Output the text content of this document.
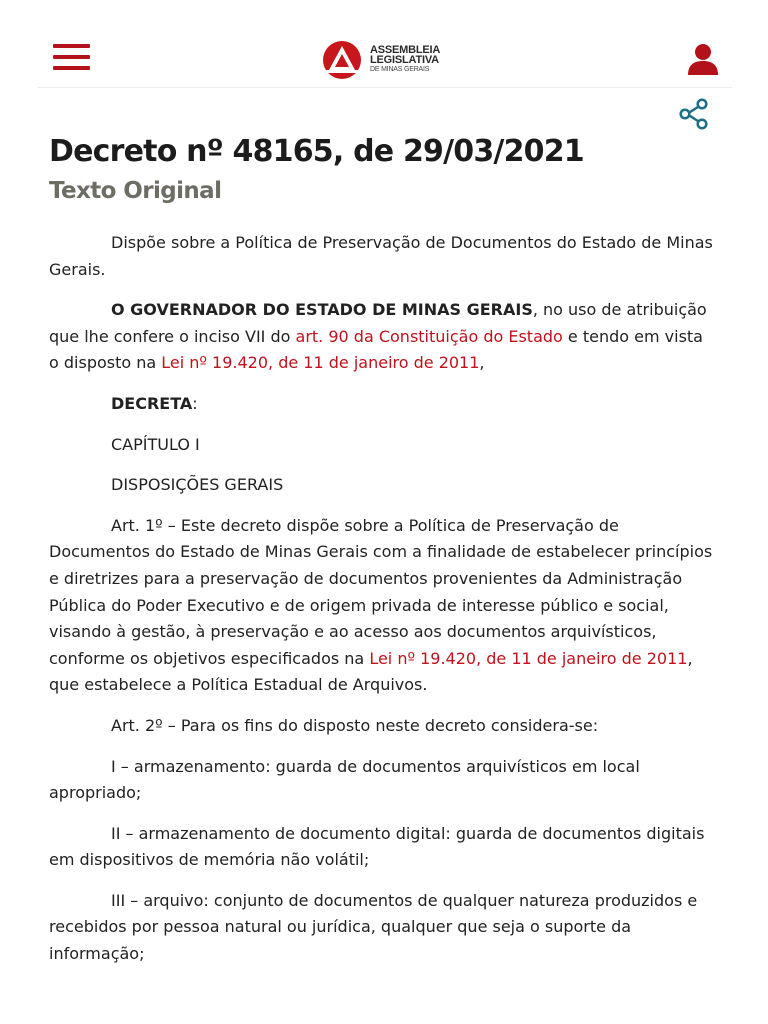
ASSEMBLEIA
LEGISLATIVA
DE MINAS GERAIS
Decreto nº 48165, de 29/03/2021
Texto Original

Dispõe sobre a Política de Preservação de Documentos do Estado de Minas Gerais.

O GOVERNADOR DO ESTADO DE MINAS GERAIS, no uso de atribuição que lhe confere o inciso VII do art. 90 da Constituição do Estado e tendo em vista o disposto na Lei nº 19.420, de 11 de janeiro de 2011,

DECRETA:

CAPÍTULO I

DISPOSIÇÕES GERAIS

Art. 1º – Este decreto dispõe sobre a Política de Preservação de Documentos do Estado de Minas Gerais com a finalidade de estabelecer princípios e diretrizes para a preservação de documentos provenientes da Administração Pública do Poder Executivo e de origem privada de interesse público e social, visando à gestão, à preservação e ao acesso aos documentos arquivísticos, conforme os objetivos especificados na Lei nº 19.420, de 11 de janeiro de 2011, que estabelece a Política Estadual de Arquivos.

Art. 2º – Para os fins do disposto neste decreto considera-se:

I – armazenamento: guarda de documentos arquivísticos em local apropriado;

II – armazenamento de documento digital: guarda de documentos digitais em dispositivos de memória não volátil;

III – arquivo: conjunto de documentos de qualquer natureza produzidos e recebidos por pessoa natural ou jurídica, qualquer que seja o suporte da informação;
